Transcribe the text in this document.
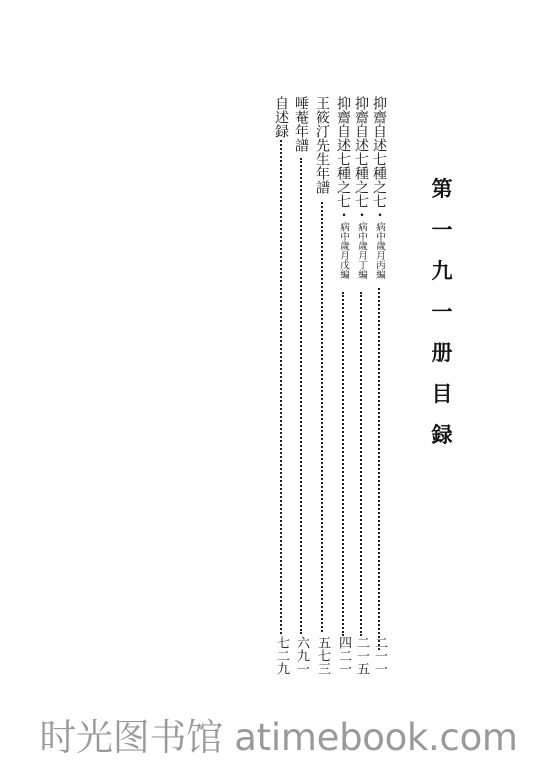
第
一
九
一
册
目
録
抑齋自述七種之七・病中歲月丙編
二一一
抑齋自述七種之七・病中歲月丁編
二一五
抑齋自述七種之七・病中歲月戊編
四二一
王筱汀先生年譜
五七三
唾菴年譜
六九一
自述録
七二九
时光图书馆 atimebook.com
